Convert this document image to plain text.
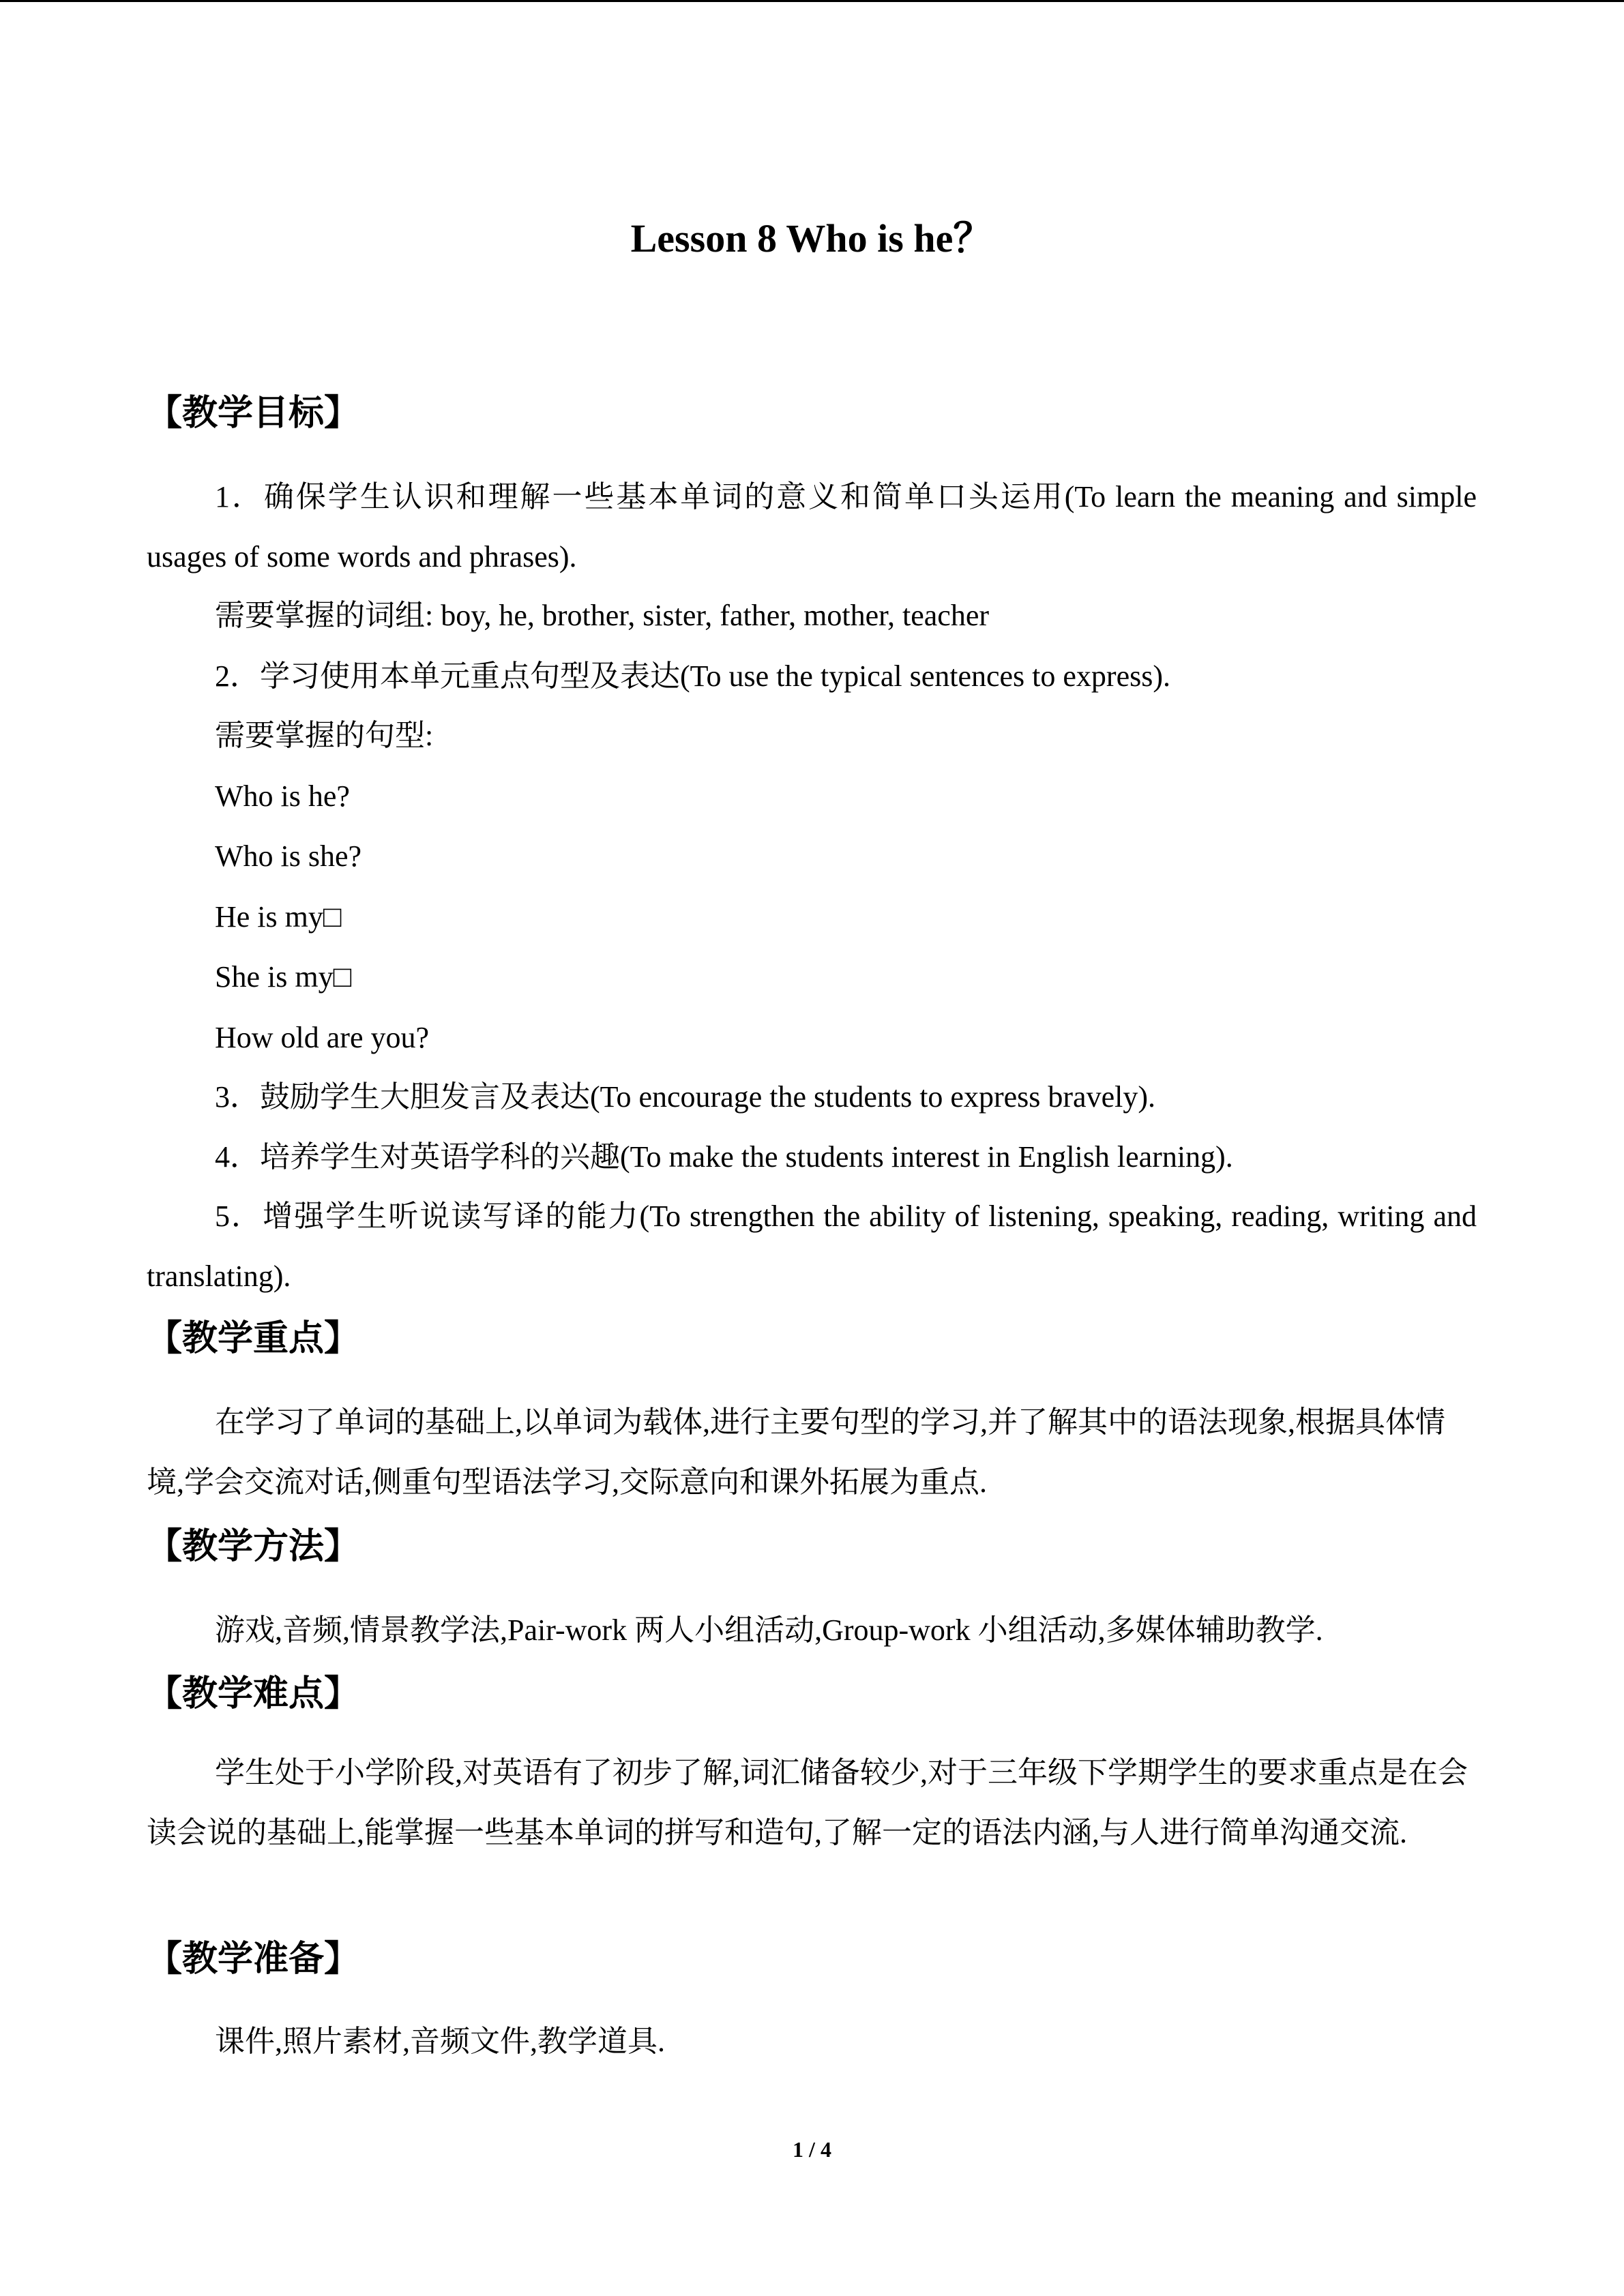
Lesson 8 Who is he？
【教学目标】
1．确保学生认识和理解一些基本单词的意义和简单口头运用(To learn the meaning and simple usages of some words and phrases).
需要掌握的词组: boy, he, brother, sister, father, mother, teacher
2．学习使用本单元重点句型及表达(To use the typical sentences to express).
需要掌握的句型:
Who is he?
Who is she?
He is my□
She is my□
How old are you?
3．鼓励学生大胆发言及表达(To encourage the students to express bravely).
4．培养学生对英语学科的兴趣(To make the students interest in English learning).
5．增强学生听说读写译的能力(To strengthen the ability of listening, speaking, reading, writing and translating).
【教学重点】
在学习了单词的基础上,以单词为载体,进行主要句型的学习,并了解其中的语法现象,根据具体情境,学会交流对话,侧重句型语法学习,交际意向和课外拓展为重点.
【教学方法】
游戏,音频,情景教学法,Pair-work 两人小组活动,Group-work 小组活动,多媒体辅助教学.
【教学难点】
学生处于小学阶段,对英语有了初步了解,词汇储备较少,对于三年级下学期学生的要求重点是在会读会说的基础上,能掌握一些基本单词的拼写和造句,了解一定的语法内涵,与人进行简单沟通交流.
【教学准备】
课件,照片素材,音频文件,教学道具.
1 / 4
